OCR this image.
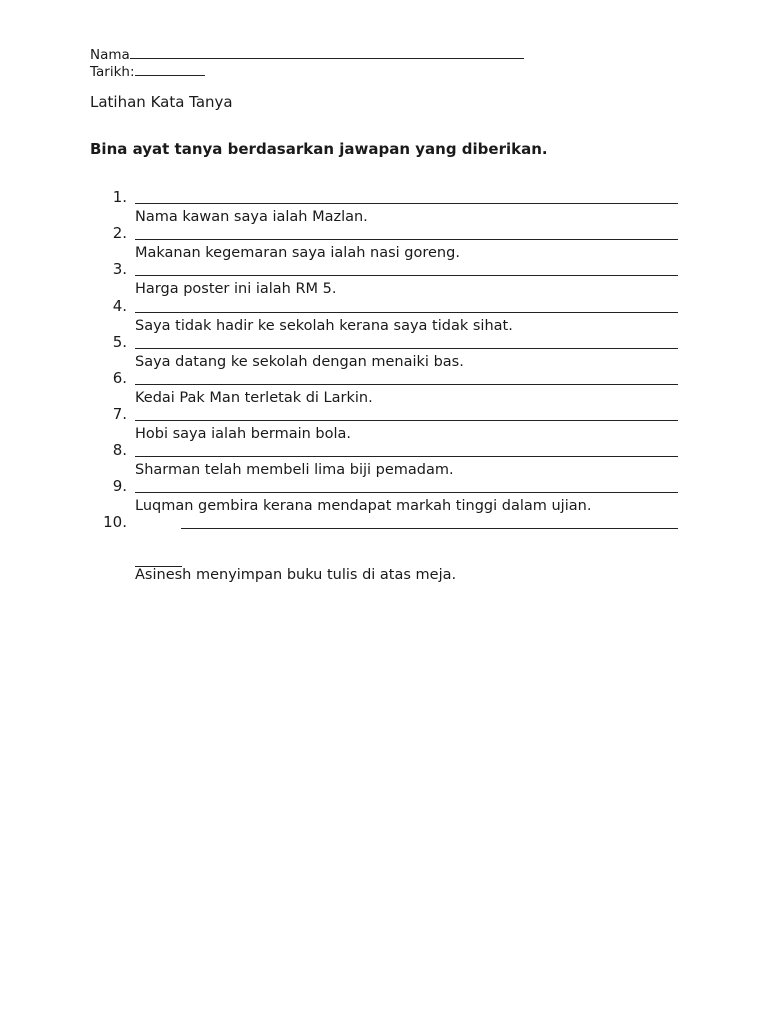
Nama
Tarikh:
Latihan Kata Tanya
Bina ayat tanya berdasarkan jawapan yang diberikan.
1.
Nama kawan saya ialah Mazlan.
2.
Makanan kegemaran saya ialah nasi goreng.
3.
Harga poster ini ialah RM 5.
4.
Saya tidak hadir ke sekolah kerana saya tidak sihat.
5.
Saya datang ke sekolah dengan menaiki bas.
6.
Kedai Pak Man terletak di Larkin.
7.
Hobi saya ialah bermain bola.
8.
Sharman telah membeli lima biji pemadam.
9.
Luqman gembira kerana mendapat markah tinggi dalam ujian.
10.
Asinesh menyimpan buku tulis di atas meja.
